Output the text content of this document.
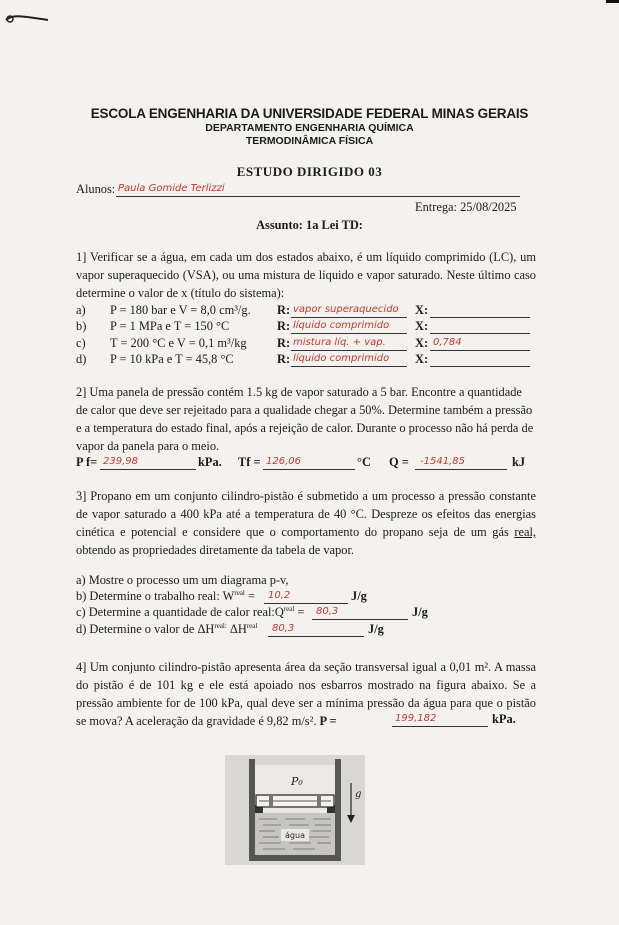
ESCOLA ENGENHARIA DA UNIVERSIDADE FEDERAL MINAS GERAIS
DEPARTAMENTO ENGENHARIA QUÍMICA
TERMODINÂMICA FÍSICA
ESTUDO DIRIGIDO 03
Alunos: Paula Gomide Terlizzi
Entrega: 25/08/2025
Assunto: 1a Lei TD:
1] Verificar se a água, em cada um dos estados abaixo, é um líquido comprimido (LC), um vapor superaquecido (VSA), ou uma mistura de líquido e vapor saturado. Neste último caso determine o valor de x (título do sistema):
a) P = 180 bar e V = 8,0 cm³/g. R: vapor superaquecido X:
b) P = 1 MPa e T = 150 °C	R: líquido comprimido X:
c) T = 200 °C e V = 0,1 m³/kg R: mistura líq. + vap. X: 0,784
d) P = 10 kPa e T = 45,8 °C	R: líquido comprimido X:
2] Uma panela de pressão contém 1.5 kg de vapor saturado a 5 bar. Encontre a quantidade de calor que deve ser rejeitado para a qualidade chegar a 50%. Determine também a pressão e a temperatura do estado final, após a rejeição de calor. Durante o processo não há perda de vapor da panela para o meio.
P f= 239,98	kPa. Tf = 126,06	°C Q = -1541,85	kJ
3] Propano em um conjunto cilindro-pistão é submetido a um processo a pressão constante de vapor saturado a 400 kPa até a temperatura de 40 °C. Despreze os efeitos das energias cinética e potencial e considere que o comportamento do propano seja de um gás real, obtendo as propriedades diretamente da tabela de vapor.
a) Mostre o processo um um diagrama p-v,
b) Determine o trabalho real: $W^{real} = 10,2$	J/g
c) Determine a quantidade de calor $real:Q^{real} = 80,3$	J/g
d) Determine o valor de $\Delta H^{real:}$ $\Delta H^{real}$ 80,3	J/g
4] Um conjunto cilindro-pistão apresenta área da seção transversal igual a 0,01 m². A massa do pistão é de 101 kg e ele está apoiado nos esbarros mostrado na figura abaixo. Se a pressão ambiente for de 100 kPa, qual deve ser a mínima pressão da água para que o pistão se mova? A aceleração da gravidade é 9,82 m/s². P =	199,182	kPa.
g
P₀
água
